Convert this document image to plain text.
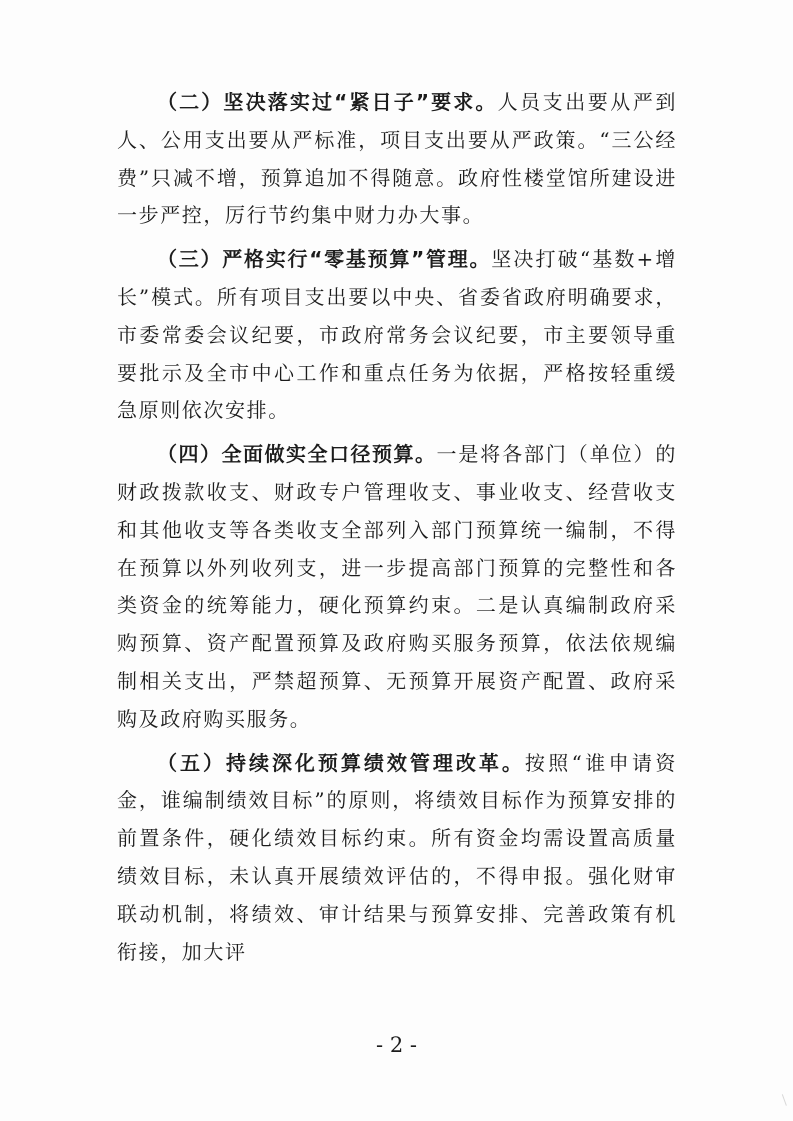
（二）坚决落实过“紧日子”要求。人员支出要从严到人、公用支出要从严标准，项目支出要从严政策。“三公经费”只减不增，预算追加不得随意。政府性楼堂馆所建设进一步严控，厉行节约集中财力办大事。

（三）严格实行“零基预算”管理。坚决打破“基数+增长”模式。所有项目支出要以中央、省委省政府明确要求，市委常委会议纪要，市政府常务会议纪要，市主要领导重要批示及全市中心工作和重点任务为依据，严格按轻重缓急原则依次安排。

（四）全面做实全口径预算。一是将各部门（单位）的财政拨款收支、财政专户管理收支、事业收支、经营收支和其他收支等各类收支全部列入部门预算统一编制，不得在预算以外列收列支，进一步提高部门预算的完整性和各类资金的统筹能力，硬化预算约束。二是认真编制政府采购预算、资产配置预算及政府购买服务预算，依法依规编制相关支出，严禁超预算、无预算开展资产配置、政府采购及政府购买服务。

（五）持续深化预算绩效管理改革。按照“谁申请资金，谁编制绩效目标”的原则，将绩效目标作为预算安排的前置条件，硬化绩效目标约束。所有资金均需设置高质量绩效目标，未认真开展绩效评估的，不得申报。强化财审联动机制，将绩效、审计结果与预算安排、完善政策有机衔接，加大评

- 2 -
